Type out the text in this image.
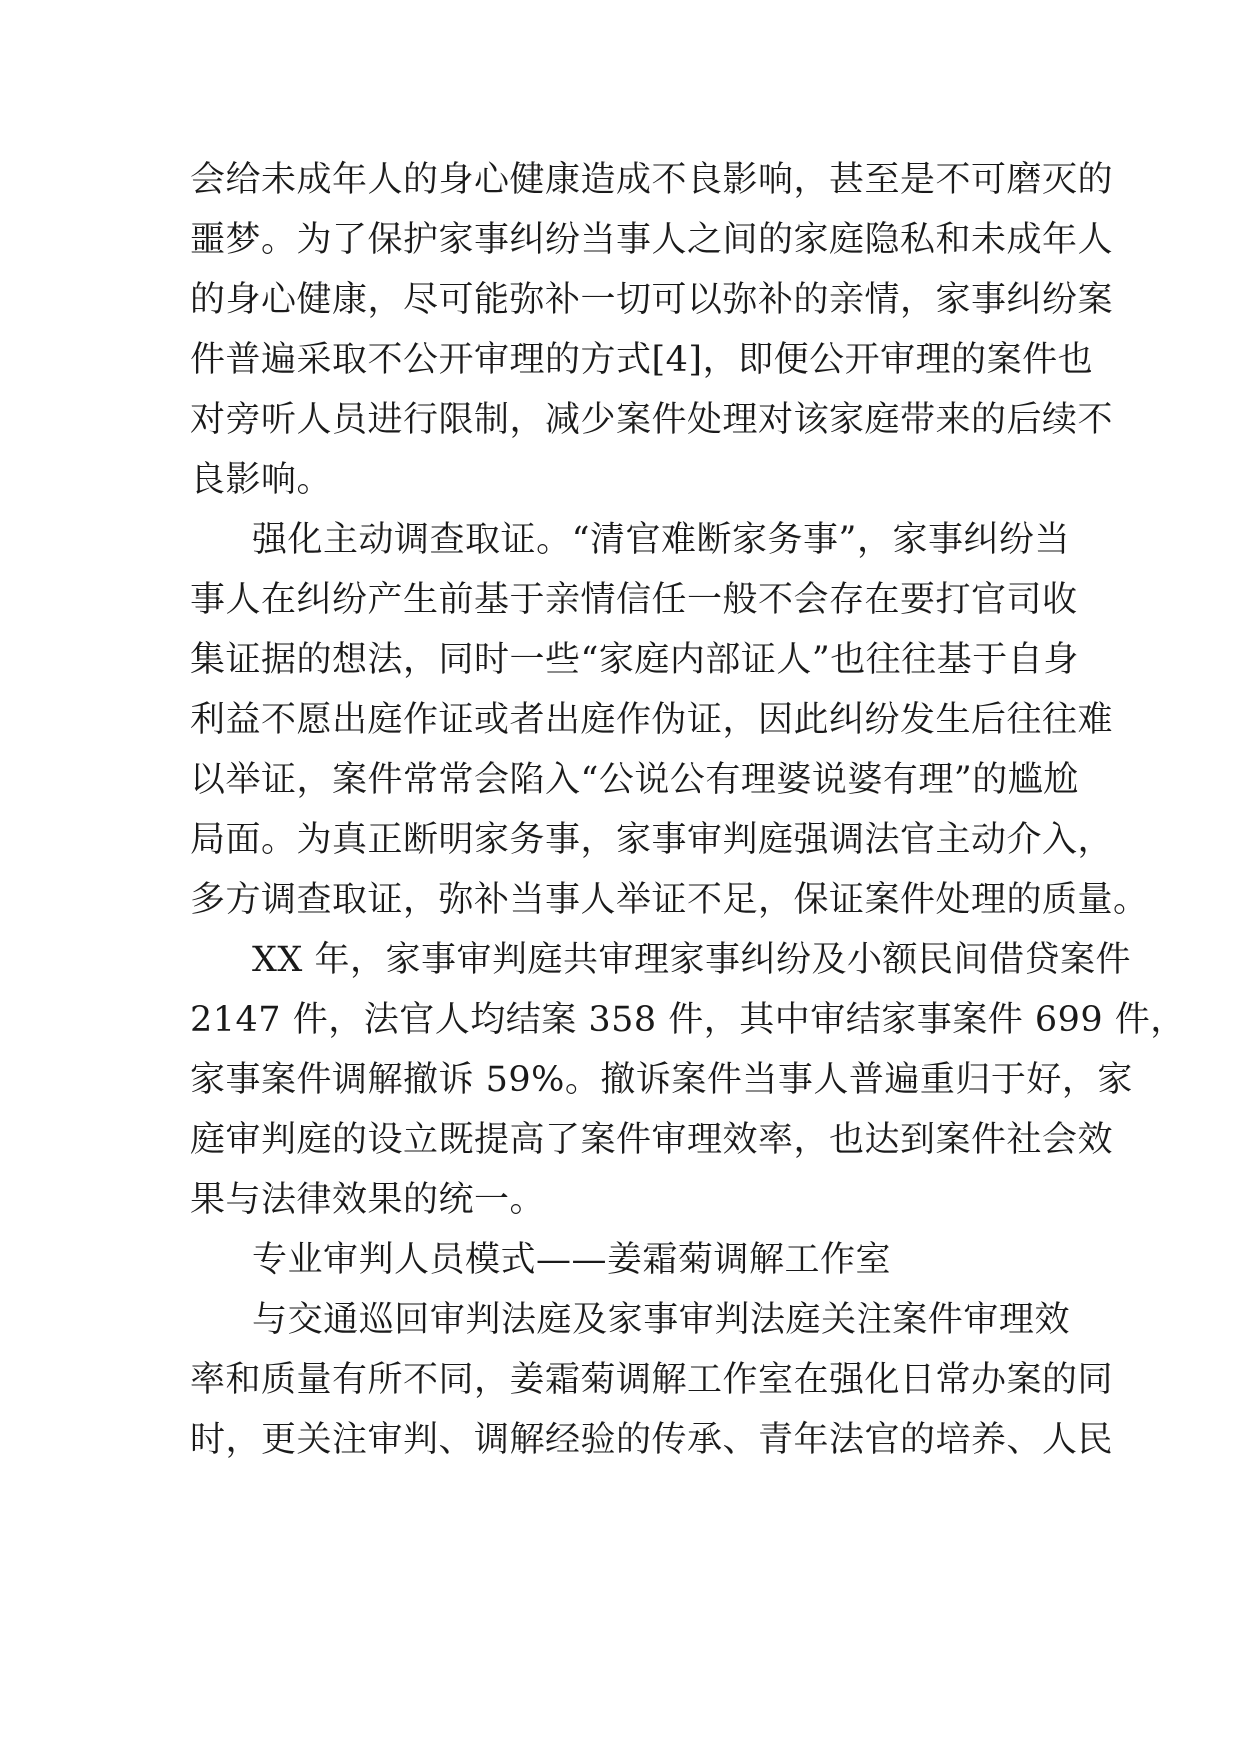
会给未成年人的身心健康造成不良影响，甚至是不可磨灭的
噩梦。为了保护家事纠纷当事人之间的家庭隐私和未成年人
的身心健康，尽可能弥补一切可以弥补的亲情，家事纠纷案
件普遍采取不公开审理的方式[4]，即便公开审理的案件也
对旁听人员进行限制，减少案件处理对该家庭带来的后续不
良影响。
强化主动调查取证。“清官难断家务事”，家事纠纷当
事人在纠纷产生前基于亲情信任一般不会存在要打官司收
集证据的想法，同时一些“家庭内部证人”也往往基于自身
利益不愿出庭作证或者出庭作伪证，因此纠纷发生后往往难
以举证，案件常常会陷入“公说公有理婆说婆有理”的尴尬
局面。为真正断明家务事，家事审判庭强调法官主动介入，
多方调查取证，弥补当事人举证不足，保证案件处理的质量。
XX 年，家事审判庭共审理家事纠纷及小额民间借贷案件
2147 件，法官人均结案 358 件，其中审结家事案件 699 件，
家事案件调解撤诉 59%。撤诉案件当事人普遍重归于好，家
庭审判庭的设立既提高了案件审理效率，也达到案件社会效
果与法律效果的统一。
专业审判人员模式——姜霜菊调解工作室
与交通巡回审判法庭及家事审判法庭关注案件审理效
率和质量有所不同，姜霜菊调解工作室在强化日常办案的同
时，更关注审判、调解经验的传承、青年法官的培养、人民
